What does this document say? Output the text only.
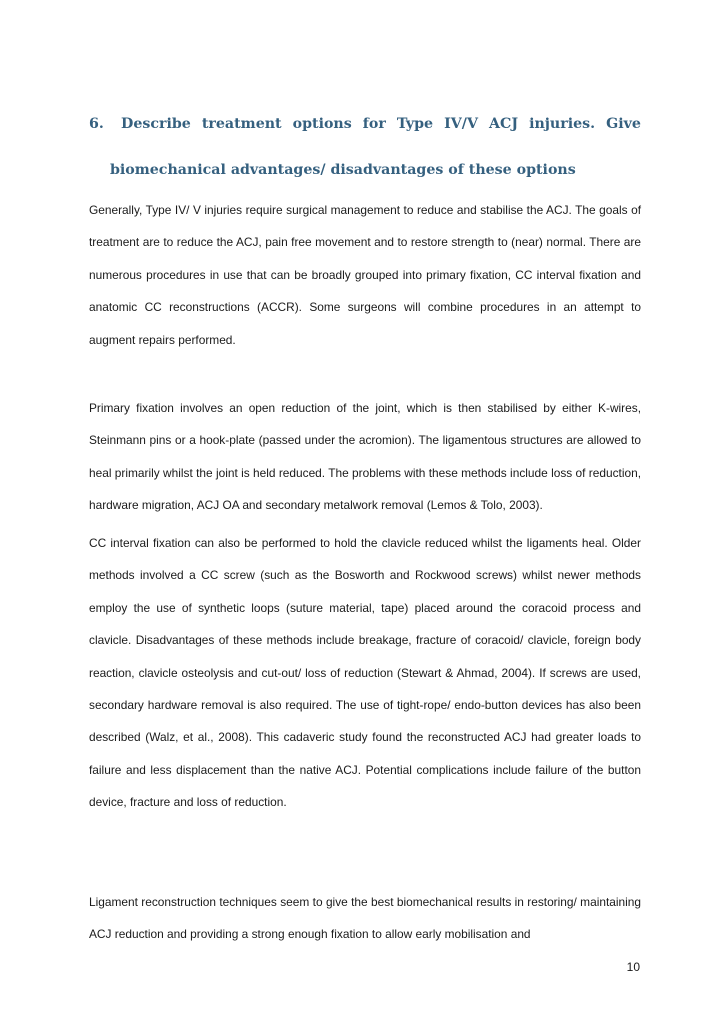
6.	Describe treatment options for Type IV/V ACJ injuries. Give
biomechanical advantages/ disadvantages of these options

Generally, Type IV/ V injuries require surgical management to reduce and stabilise the ACJ. The goals of treatment are to reduce the ACJ, pain free movement and to restore strength to (near) normal. There are numerous procedures in use that can be broadly grouped into primary fixation, CC interval fixation and anatomic CC reconstructions (ACCR). Some surgeons will combine procedures in an attempt to augment repairs performed.

Primary fixation involves an open reduction of the joint, which is then stabilised by either K-wires, Steinmann pins or a hook-plate (passed under the acromion). The ligamentous structures are allowed to heal primarily whilst the joint is held reduced. The problems with these methods include loss of reduction, hardware migration, ACJ OA and secondary metalwork removal (Lemos & Tolo, 2003).

CC interval fixation can also be performed to hold the clavicle reduced whilst the ligaments heal. Older methods involved a CC screw (such as the Bosworth and Rockwood screws) whilst newer methods employ the use of synthetic loops (suture material, tape) placed around the coracoid process and clavicle. Disadvantages of these methods include breakage, fracture of coracoid/ clavicle, foreign body reaction, clavicle osteolysis and cut-out/ loss of reduction (Stewart & Ahmad, 2004). If screws are used, secondary hardware removal is also required. The use of tight-rope/ endo-button devices has also been described (Walz, et al., 2008). This cadaveric study found the reconstructed ACJ had greater loads to failure and less displacement than the native ACJ. Potential complications include failure of the button device, fracture and loss of reduction.

Ligament reconstruction techniques seem to give the best biomechanical results in restoring/ maintaining ACJ reduction and providing a strong enough fixation to allow early mobilisation and

10
